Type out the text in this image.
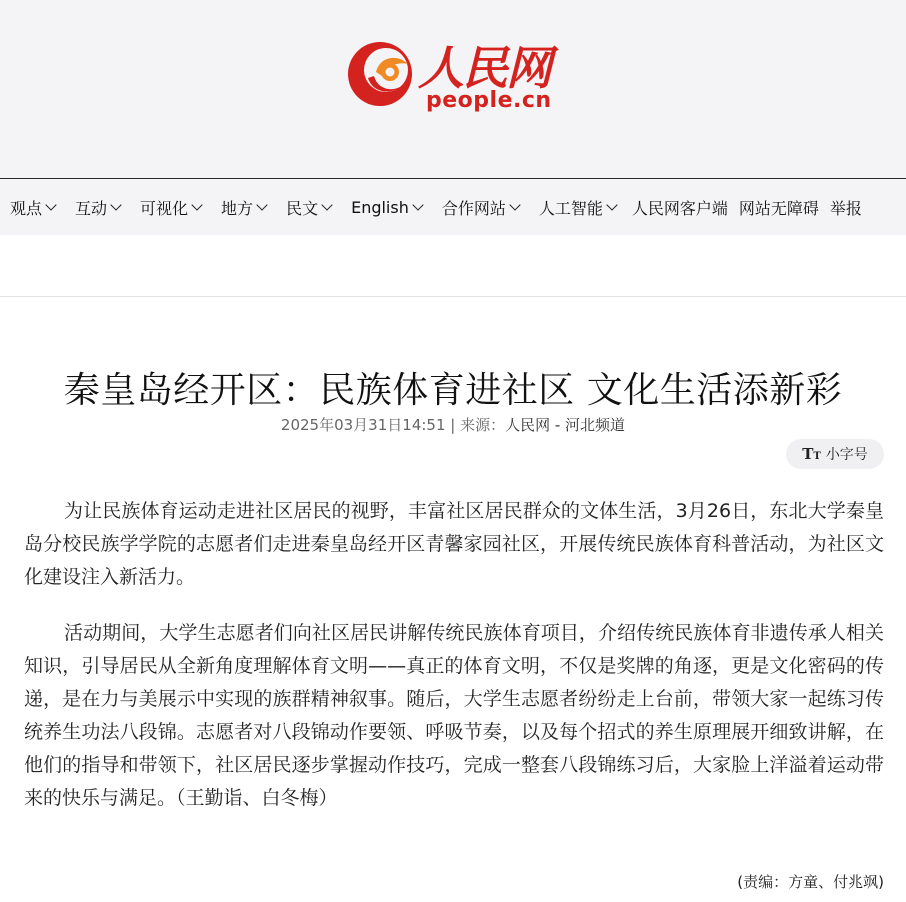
人民网
people.cn
观点 互动 可视化 地方 民文 English 合作网站 人工智能 人民网客户端 网站无障碍 举报
秦皇岛经开区：民族体育进社区 文化生活添新彩
2025年03月31日14:51 | 来源：人民网 - 河北频道
TT 小字号

为让民族体育运动走进社区居民的视野，丰富社区居民群众的文体生活，3月26日，东北大学秦皇岛分校民族学学院的志愿者们走进秦皇岛经开区青馨家园社区，开展传统民族体育科普活动，为社区文化建设注入新活力。

活动期间，大学生志愿者们向社区居民讲解传统民族体育项目，介绍传统民族体育非遗传承人相关知识，引导居民从全新角度理解体育文明——真正的体育文明，不仅是奖牌的角逐，更是文化密码的传递，是在力与美展示中实现的族群精神叙事。随后，大学生志愿者纷纷走上台前，带领大家一起练习传统养生功法八段锦。志愿者对八段锦动作要领、呼吸节奏，以及每个招式的养生原理展开细致讲解，在他们的指导和带领下，社区居民逐步掌握动作技巧，完成一整套八段锦练习后，大家脸上洋溢着运动带来的快乐与满足。（王勤诣、白冬梅）

(责编：方童、付兆飒)
